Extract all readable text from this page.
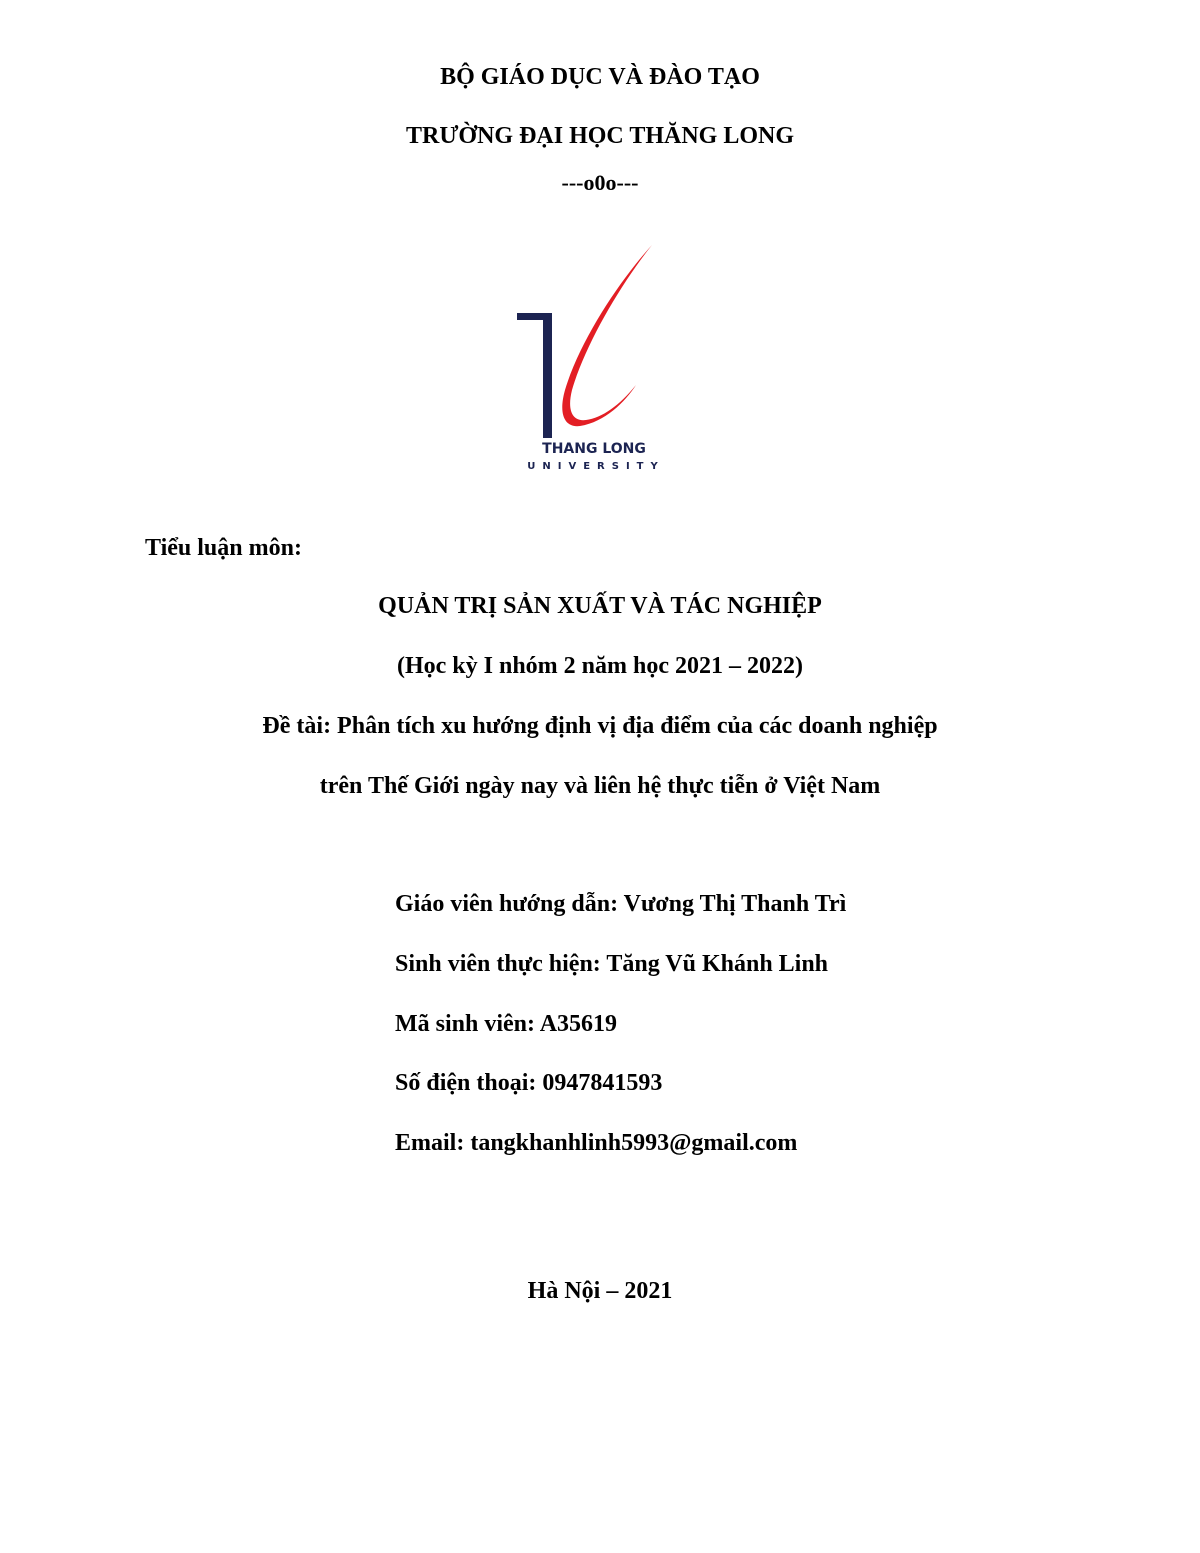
BỘ GIÁO DỤC VÀ ĐÀO TẠO
TRƯỜNG ĐẠI HỌC THĂNG LONG
---o0o---
THANG LONG
UNIVERSITY
Tiểu luận môn:
QUẢN TRỊ SẢN XUẤT VÀ TÁC NGHIỆP
(Học kỳ I nhóm 2 năm học 2021 – 2022)
Đề tài: Phân tích xu hướng định vị địa điểm của các doanh nghiệp
trên Thế Giới ngày nay và liên hệ thực tiễn ở Việt Nam
Giáo viên hướng dẫn: Vương Thị Thanh Trì
Sinh viên thực hiện: Tăng Vũ Khánh Linh
Mã sinh viên: A35619
Số điện thoại: 0947841593
Email: tangkhanhlinh5993@gmail.com
Hà Nội – 2021
